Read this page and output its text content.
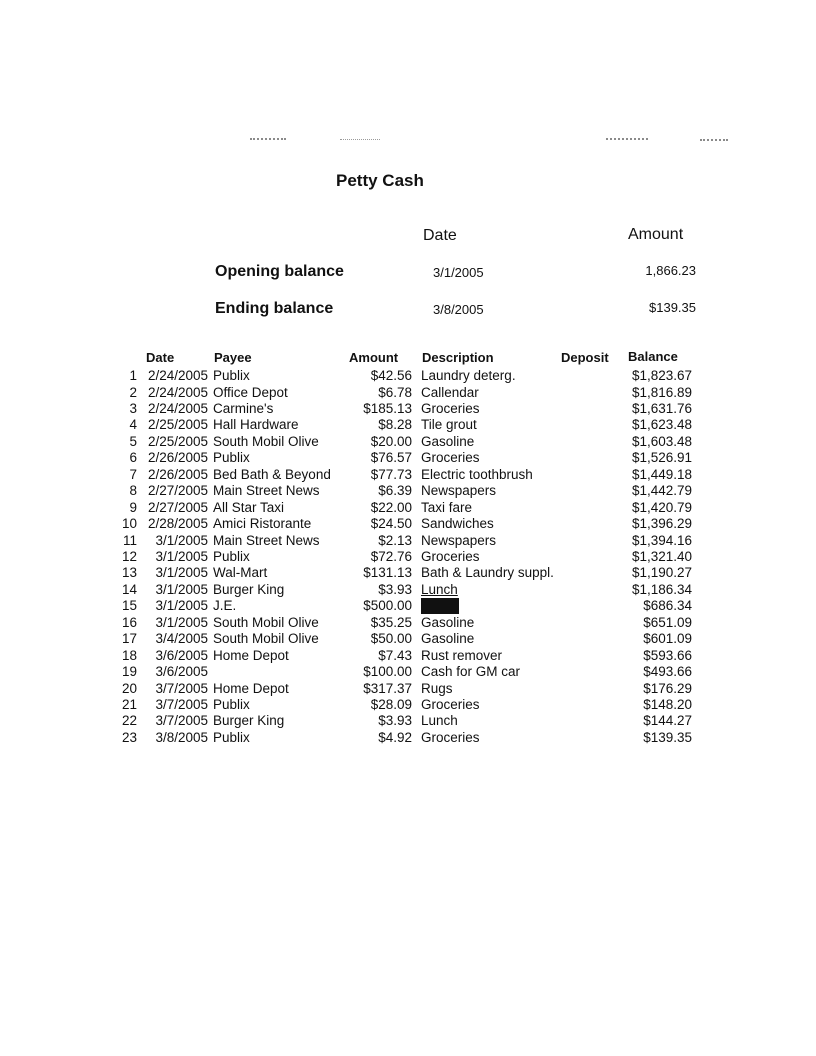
Petty Cash
Date	Amount
Opening balance	3/1/2005	1,866.23
Ending balance	3/8/2005	$139.35
Date	Payee	Amount Description	Deposit Balance
1 2/24/2005 Publix	$42.56 Laundry deterg.	$1,823.67
2 2/24/2005 Office Depot	$6.78 Callendar	$1,816.89
3 2/24/2005 Carmine's	$185.13 Groceries	$1,631.76
4 2/25/2005 Hall Hardware	$8.28 Tile grout	$1,623.48
5 2/25/2005 South Mobil Olive	$20.00 Gasoline	$1,603.48
6 2/26/2005 Publix	$76.57 Groceries	$1,526.91
7 2/26/2005 Bed Bath & Beyond	$77.73 Electric toothbrush	$1,449.18
8 2/27/2005 Main Street News	$6.39 Newspapers	$1,442.79
9 2/27/2005 All Star Taxi	$22.00 Taxi fare	$1,420.79
10 2/28/2005 Amici Ristorante	$24.50 Sandwiches	$1,396.29
11 3/1/2005 Main Street News	$2.13 Newspapers	$1,394.16
12 3/1/2005 Publix	$72.76 Groceries	$1,321.40
13 3/1/2005 Wal-Mart	$131.13 Bath & Laundry suppl.	$1,190.27
14 3/1/2005 Burger King	$3.93 Lunch	$1,186.34
15 3/1/2005 J.E.	$500.00	$686.34
16 3/1/2005 South Mobil Olive	$35.25 Gasoline	$651.09
17 3/4/2005 South Mobil Olive	$50.00 Gasoline	$601.09
18 3/6/2005 Home Depot	$7.43 Rust remover	$593.66
19 3/6/2005	$100.00 Cash for GM car	$493.66
20 3/7/2005 Home Depot	$317.37 Rugs	$176.29
21 3/7/2005 Publix	$28.09 Groceries	$148.20
22 3/7/2005 Burger King	$3.93 Lunch	$144.27
23 3/8/2005 Publix	$4.92 Groceries	$139.35
